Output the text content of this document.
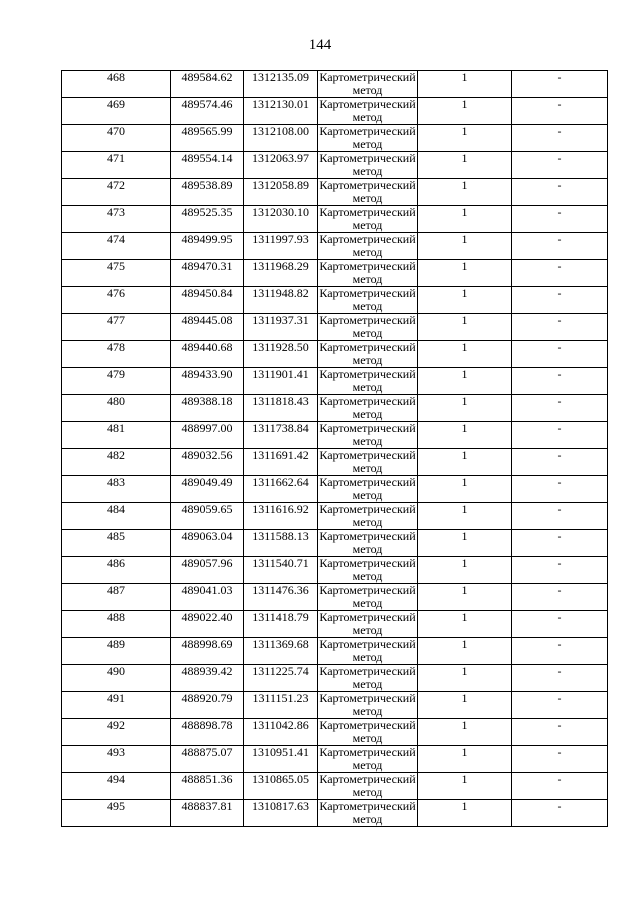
144
468	489584.62	1312135.09	Картометрический метод	1	-
469	489574.46	1312130.01	Картометрический метод	1	-
470	489565.99	1312108.00	Картометрический метод	1	-
471	489554.14	1312063.97	Картометрический метод	1	-
472	489538.89	1312058.89	Картометрический метод	1	-
473	489525.35	1312030.10	Картометрический метод	1	-
474	489499.95	1311997.93	Картометрический метод	1	-
475	489470.31	1311968.29	Картометрический метод	1	-
476	489450.84	1311948.82	Картометрический метод	1	-
477	489445.08	1311937.31	Картометрический метод	1	-
478	489440.68	1311928.50	Картометрический метод	1	-
479	489433.90	1311901.41	Картометрический метод	1	-
480	489388.18	1311818.43	Картометрический метод	1	-
481	488997.00	1311738.84	Картометрический метод	1	-
482	489032.56	1311691.42	Картометрический метод	1	-
483	489049.49	1311662.64	Картометрический метод	1	-
484	489059.65	1311616.92	Картометрический метод	1	-
485	489063.04	1311588.13	Картометрический метод	1	-
486	489057.96	1311540.71	Картометрический метод	1	-
487	489041.03	1311476.36	Картометрический метод	1	-
488	489022.40	1311418.79	Картометрический метод	1	-
489	488998.69	1311369.68	Картометрический метод	1	-
490	488939.42	1311225.74	Картометрический метод	1	-
491	488920.79	1311151.23	Картометрический метод	1	-
492	488898.78	1311042.86	Картометрический метод	1	-
493	488875.07	1310951.41	Картометрический метод	1	-
494	488851.36	1310865.05	Картометрический метод	1	-
495	488837.81	1310817.63	Картометрический метод	1	-
